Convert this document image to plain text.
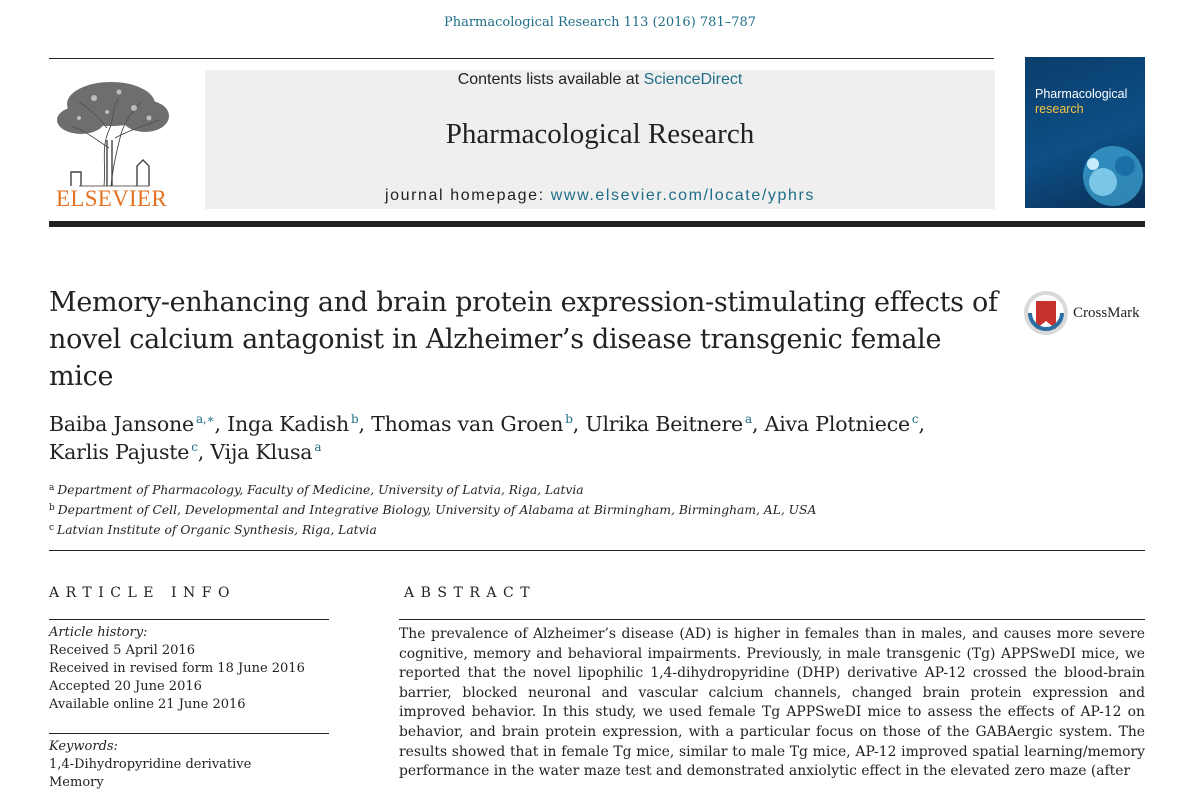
Pharmacological Research 113 (2016) 781–787
ELSEVIER
Contents lists available at ScienceDirect
Pharmacological Research
journal homepage: www.elsevier.com/locate/yphrs
Pharmacological
research
Memory-enhancing and brain protein expression-stimulating effects of novel calcium antagonist in Alzheimer’s disease transgenic female mice
CrossMark

Baiba Jansone $^{a,∗}$, Inga Kadish $^b$, Thomas van Groen $^b$, Ulrika Beitnere $^a$, Aiva Plotniece $^c$,
Karlis Pajuste $^c$, Vija Klusa $^a$

$^a$ Department of Pharmacology, Faculty of Medicine, University of Latvia, Riga, Latvia
$^b$ Department of Cell, Developmental and Integrative Biology, University of Alabama at Birmingham, Birmingham, AL, USA
$^c$ Latvian Institute of Organic Synthesis, Riga, Latvia
ARTICLE INFO	ABSTRACT
Article history:
Received 5 April 2016
Received in revised form 18 June 2016
Accepted 20 June 2016
Available online 21 June 2016
Keywords:
1,4-Dihydropyridine derivative
Memory

The prevalence of Alzheimer’s disease (AD) is higher in females than in males, and causes more severe cognitive, memory and behavioral impairments. Previously, in male transgenic (Tg) APPSweDI mice, we reported that the novel lipophilic 1,4-dihydropyridine (DHP) derivative AP-12 crossed the blood-brain barrier, blocked neuronal and vascular calcium channels, changed brain protein expression and improved behavior. In this study, we used female Tg APPSweDI mice to assess the effects of AP-12 on behavior, and brain protein expression, with a particular focus on those of the GABAergic system. The results showed that in female Tg mice, similar to male Tg mice, AP-12 improved spatial learning/memory performance in the water maze test and demonstrated anxiolytic effect in the elevated zero maze (after
